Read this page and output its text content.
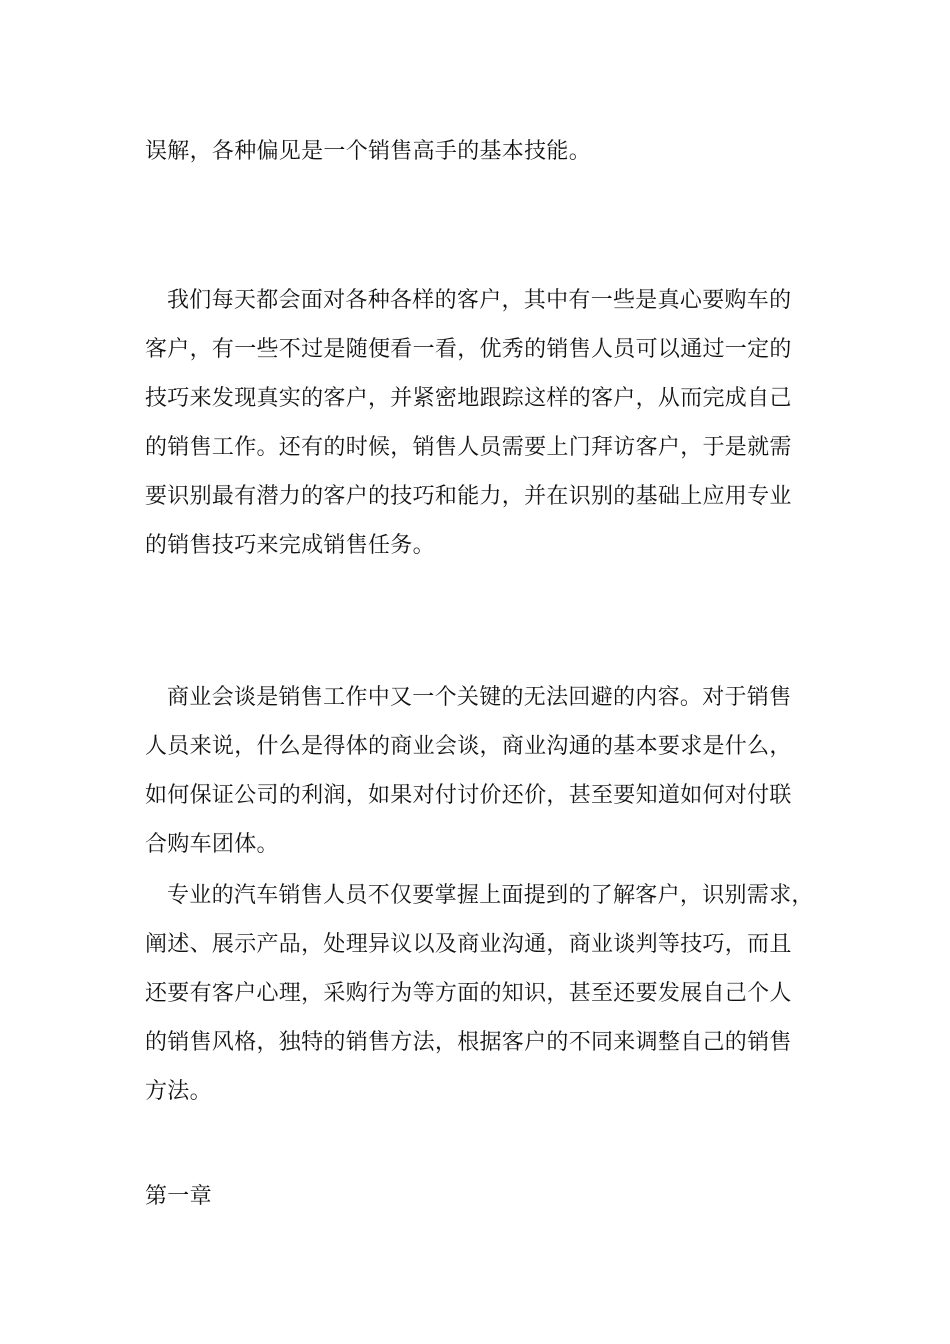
误解，各种偏见是一个销售高手的基本技能。

我们每天都会面对各种各样的客户，其中有一些是真心要购车的
客户，有一些不过是随便看一看，优秀的销售人员可以通过一定的
技巧来发现真实的客户，并紧密地跟踪这样的客户，从而完成自己
的销售工作。还有的时候，销售人员需要上门拜访客户，于是就需
要识别最有潜力的客户的技巧和能力，并在识别的基础上应用专业
的销售技巧来完成销售任务。

商业会谈是销售工作中又一个关键的无法回避的内容。对于销售
人员来说，什么是得体的商业会谈，商业沟通的基本要求是什么，
如何保证公司的利润，如果对付讨价还价，甚至要知道如何对付联
合购车团体。

专业的汽车销售人员不仅要掌握上面提到的了解客户，识别需求，
阐述、展示产品，处理异议以及商业沟通，商业谈判等技巧，而且
还要有客户心理，采购行为等方面的知识，甚至还要发展自己个人
的销售风格，独特的销售方法，根据客户的不同来调整自己的销售
方法。

第一章
